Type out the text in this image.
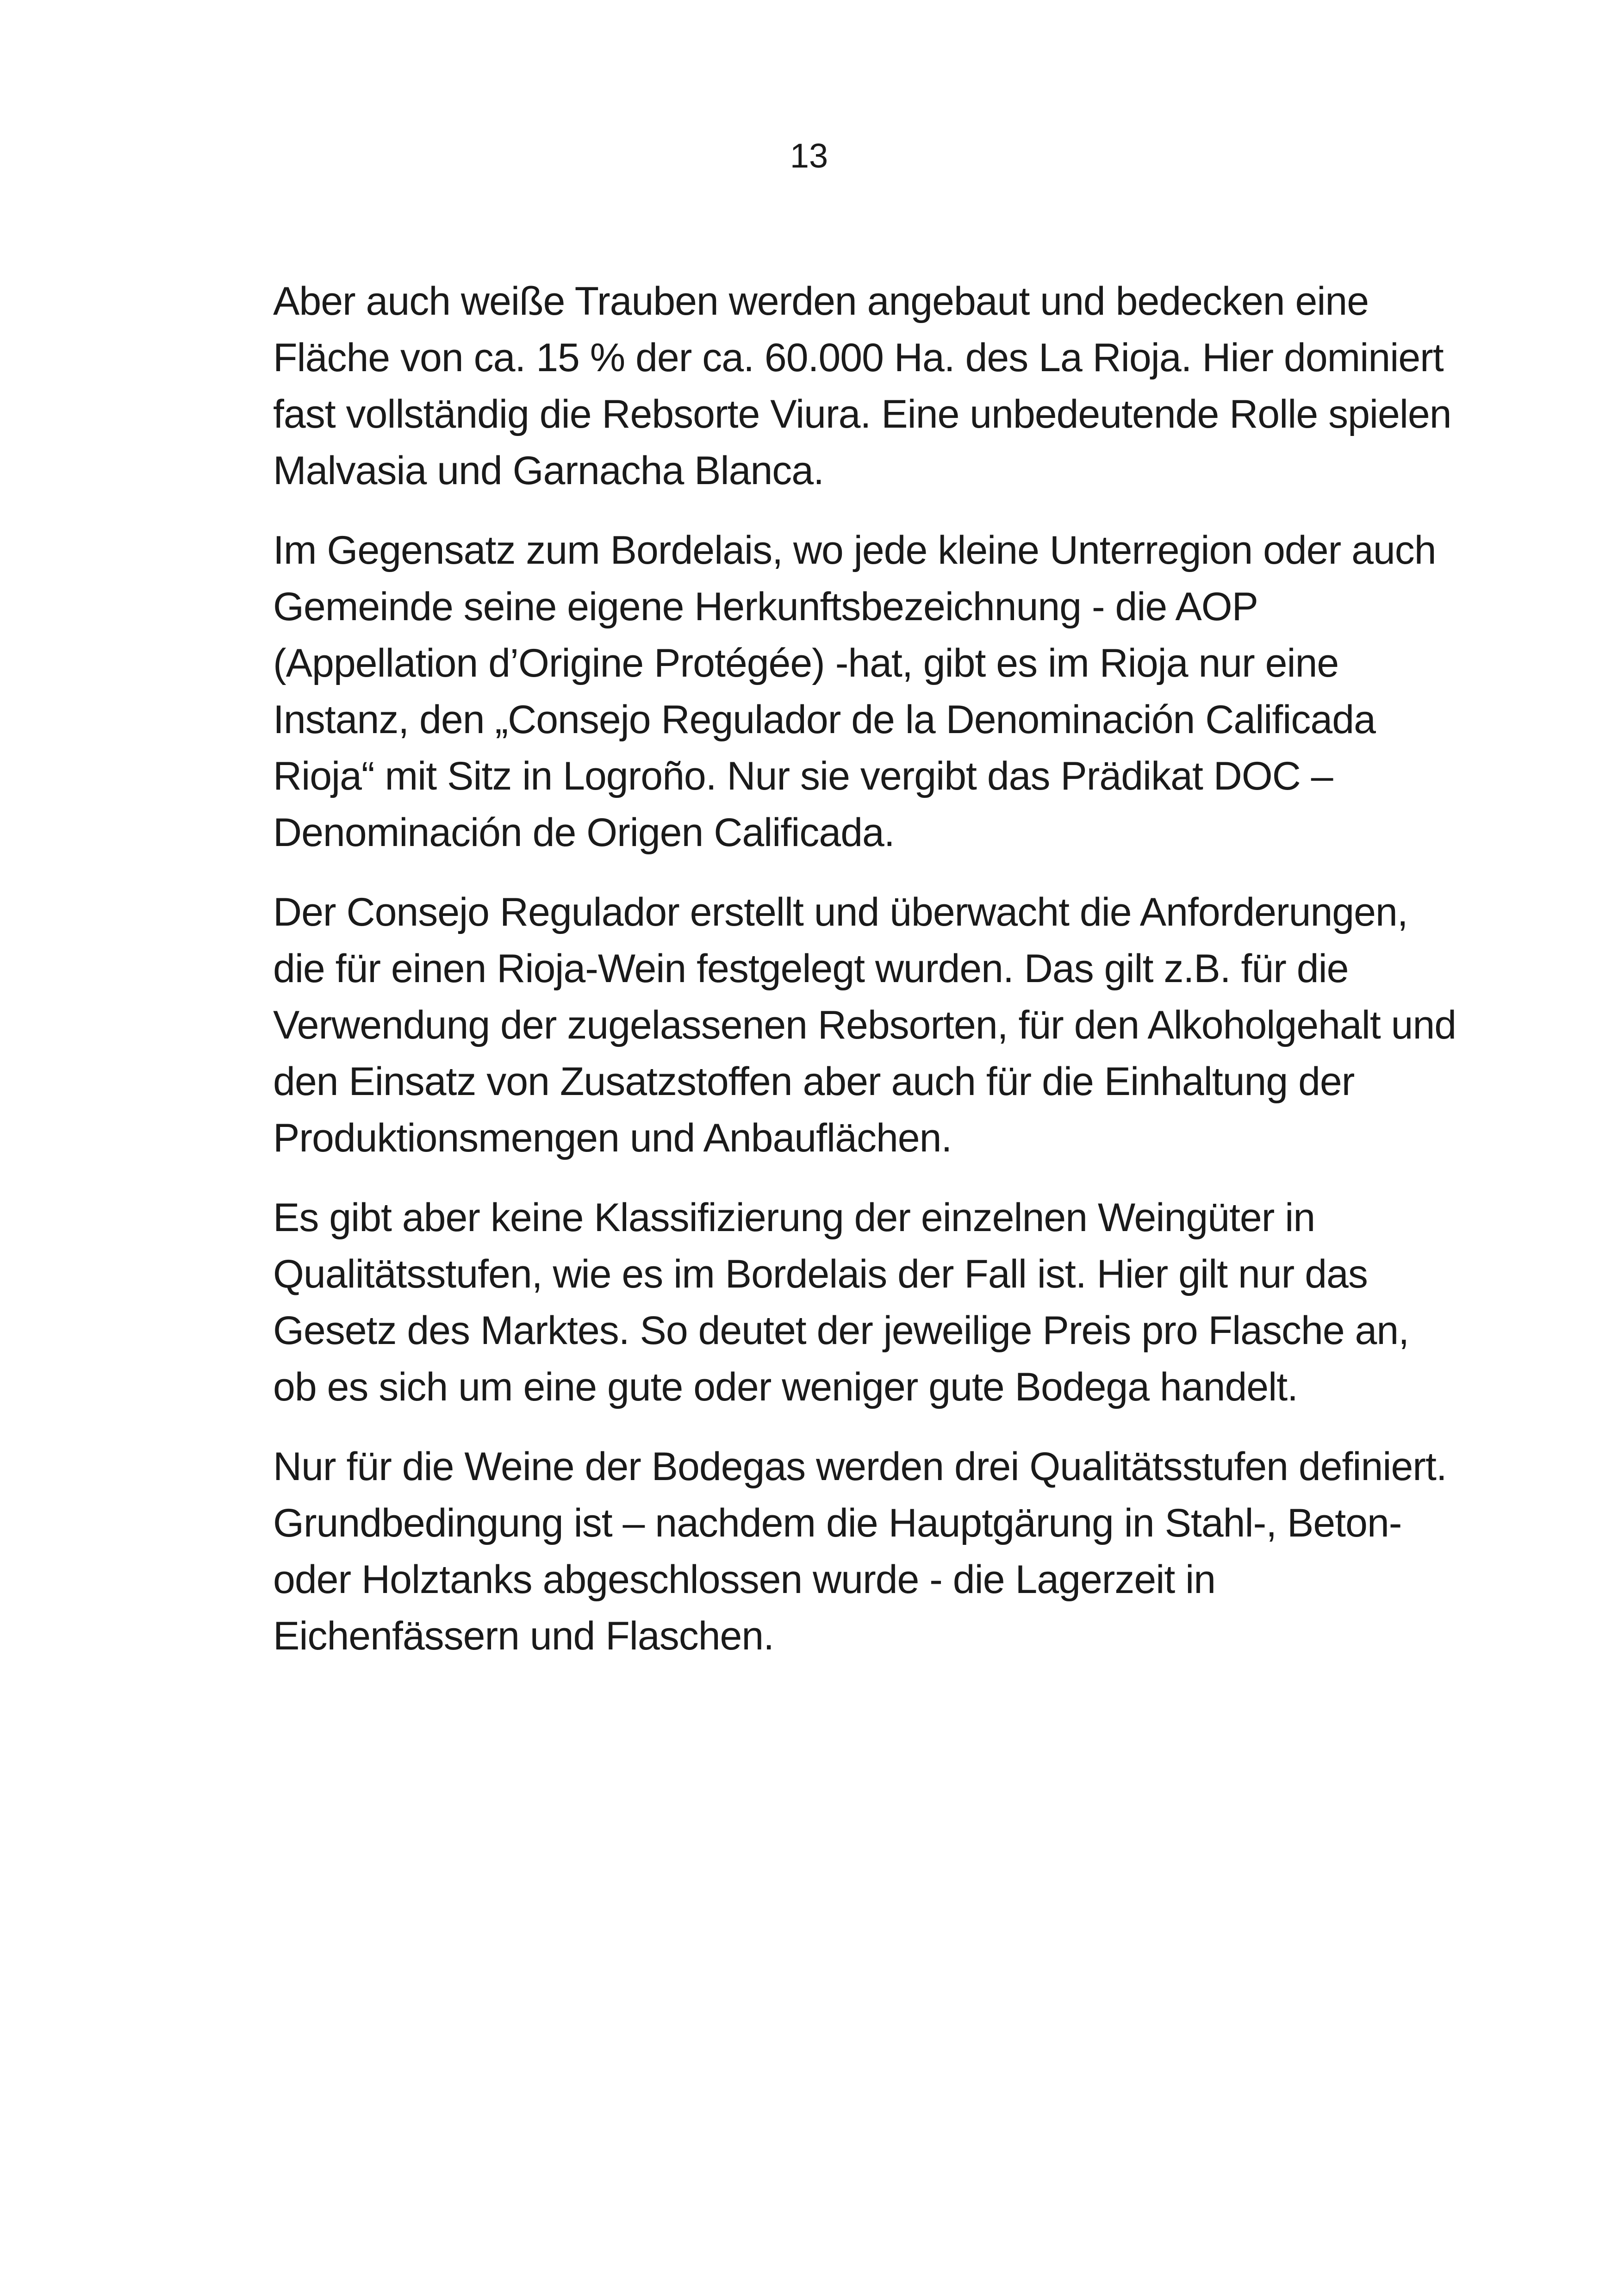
13

Aber auch weiße Trauben werden angebaut und bedecken eine Fläche von ca. 15 % der ca. 60.000 Ha. des La Rioja. Hier dominiert fast vollständig die Rebsorte Viura. Eine unbedeutende Rolle spielen Malvasia und Garnacha Blanca.

Im Gegensatz zum Bordelais, wo jede kleine Unterregion oder auch Gemeinde seine eigene Herkunftsbezeichnung - die AOP (Appellation d’Origine Protégée) -hat, gibt es im Rioja nur eine Instanz, den „Consejo Regulador de la Denominación Calificada Rioja“ mit Sitz in Logroño. Nur sie vergibt das Prädikat DOC – Denominación de Origen Calificada.

Der Consejo Regulador erstellt und überwacht die Anforderungen, die für einen Rioja-Wein festgelegt wurden. Das gilt z.B. für die Verwendung der zugelassenen Rebsorten, für den Alkoholgehalt und den Einsatz von Zusatzstoffen aber auch für die Einhaltung der Produktionsmengen und Anbauflächen.

Es gibt aber keine Klassifizierung der einzelnen Weingüter in Qualitätsstufen, wie es im Bordelais der Fall ist. Hier gilt nur das Gesetz des Marktes. So deutet der jeweilige Preis pro Flasche an, ob es sich um eine gute oder weniger gute Bodega handelt.

Nur für die Weine der Bodegas werden drei Qualitätsstufen definiert. Grundbedingung ist – nachdem die Hauptgärung in Stahl-, Beton- oder Holztanks abgeschlossen wurde - die Lagerzeit in Eichenfässern und Flaschen.
